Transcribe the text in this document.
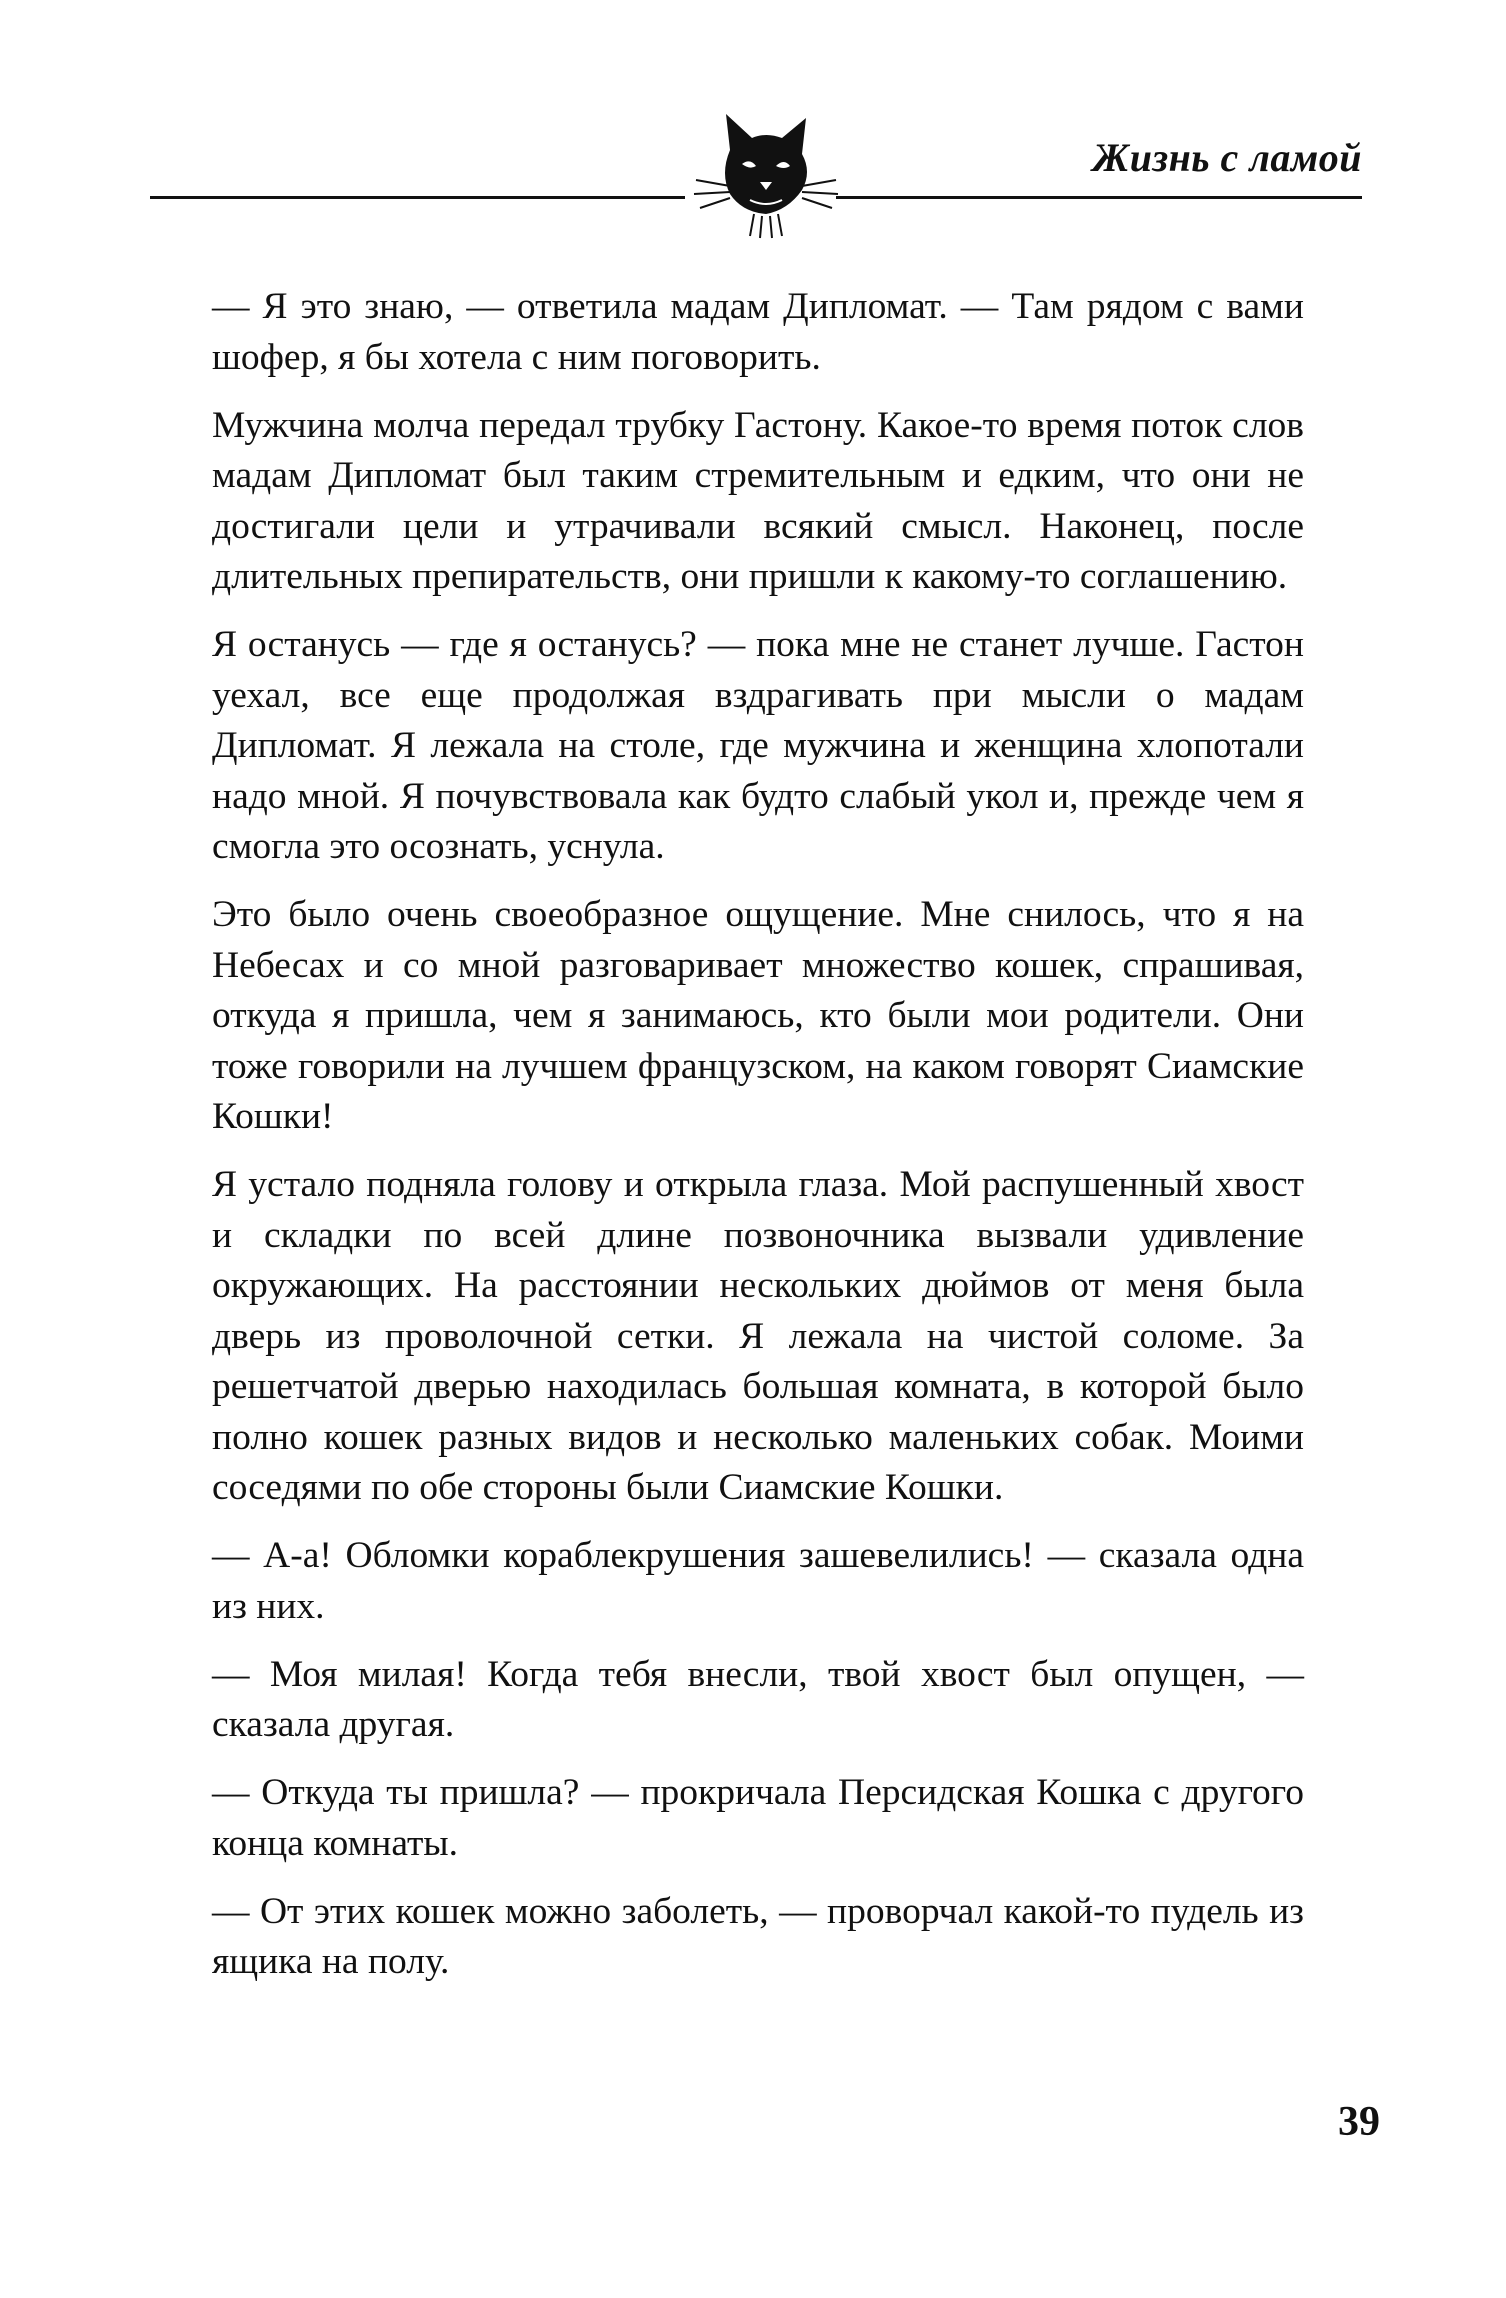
Жизнь с ламой

— Я это знаю, — ответила мадам Дипломат. — Там рядом с вами шофер, я бы хотела с ним поговорить.

Мужчина молча передал трубку Гастону. Какое-то время поток слов мадам Дипломат был таким стремительным и едким, что они не достигали цели и утрачивали всякий смысл. Наконец, после длительных препирательств, они пришли к какому-то соглашению.

Я останусь — где я останусь? — пока мне не станет лучше. Гастон уехал, все еще продолжая вздрагивать при мысли о мадам Дипломат. Я лежала на столе, где мужчина и женщина хлопотали надо мной. Я почувствовала как будто слабый укол и, прежде чем я смогла это осознать, уснула.

Это было очень своеобразное ощущение. Мне снилось, что я на Небесах и со мной разговаривает множество кошек, спрашивая, откуда я пришла, чем я занимаюсь, кто были мои родители. Они тоже говорили на лучшем французском, на каком говорят Сиамские Кошки!

Я устало подняла голову и открыла глаза. Мой распушенный хвост и складки по всей длине позвоночника вызвали удивление окружающих. На расстоянии нескольких дюймов от меня была дверь из проволочной сетки. Я лежала на чистой соломе. За решетчатой дверью находилась большая комната, в которой было полно кошек разных видов и несколько маленьких собак. Моими соседями по обе стороны были Сиамские Кошки.

— А-а! Обломки кораблекрушения зашевелились! — сказала одна из них.

— Моя милая! Когда тебя внесли, твой хвост был опущен, — сказала другая.

— Откуда ты пришла? — прокричала Персидская Кошка с другого конца комнаты.

— От этих кошек можно заболеть, — проворчал какой-то пудель из ящика на полу.

39
